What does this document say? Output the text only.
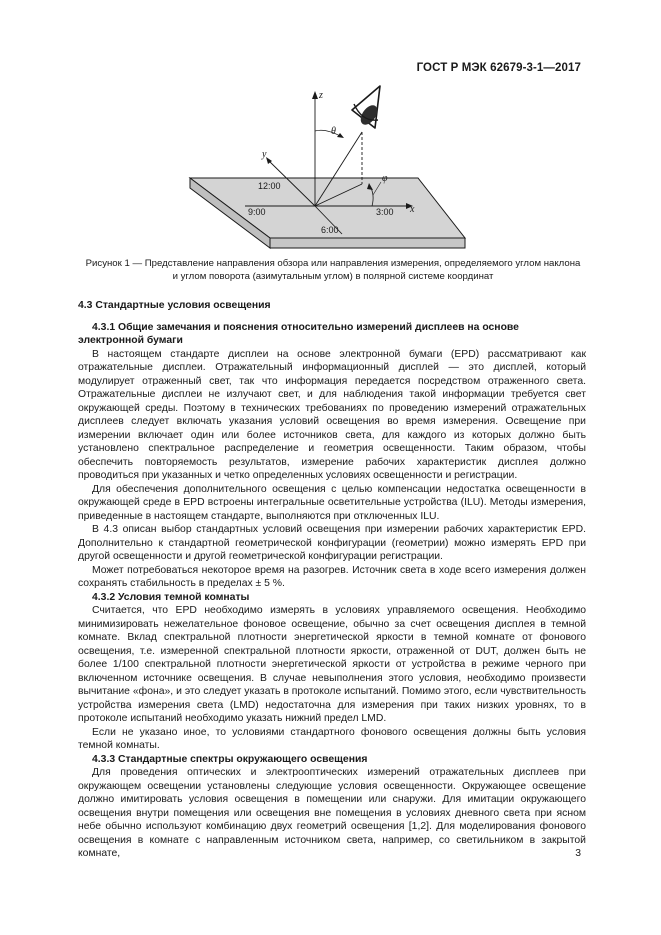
ГОСТ Р МЭК 62679-3-1—2017
z
y
x
θ
φ
12:00
9:00	3:00
6:00
Рисунок 1 — Представление направления обзора или направления измерения, определяемого углом наклона
и углом поворота (азимутальным углом) в полярной системе координат
4.3 Стандартные условия освещения
4.3.1 Общие замечания и пояснения относительно измерений дисплеев на основе электронной бумаги

В настоящем стандарте дисплеи на основе электронной бумаги (EPD) рассматривают как отражательные дисплеи. Отражательный информационный дисплей — это дисплей, который модулирует отраженный свет, так что информация передается посредством отраженного света. Отражательные дисплеи не излучают свет, и для наблюдения такой информации требуется свет окружающей среды. Поэтому в технических требованиях по проведению измерений отражательных дисплеев следует включать указания условий освещения во время измерения. Освещение при измерении включает один или более источников света, для каждого из которых должно быть установлено спектральное распределение и геометрия освещенности. Таким образом, чтобы обеспечить повторяемость результатов, измерение рабочих характеристик дисплея должно проводиться при указанных и четко определенных условиях освещенности и регистрации.

Для обеспечения дополнительного освещения с целью компенсации недостатка освещенности в окружающей среде в EPD встроены интегральные осветительные устройства (ILU). Методы измерения, приведенные в настоящем стандарте, выполняются при отключенных ILU.

В 4.3 описан выбор стандартных условий освещения при измерении рабочих характеристик EPD. Дополнительно к стандартной геометрической конфигурации (геометрии) можно измерять EPD при другой освещенности и другой геометрической конфигурации регистрации.

Может потребоваться некоторое время на разогрев. Источник света в ходе всего измерения должен сохранять стабильность в пределах ± 5 %.

4.3.2 Условия темной комнаты

Считается, что EPD необходимо измерять в условиях управляемого освещения. Необходимо минимизировать нежелательное фоновое освещение, обычно за счет освещения дисплея в темной комнате. Вклад спектральной плотности энергетической яркости в темной комнате от фонового освещения, т.е. измеренной спектральной плотности яркости, отраженной от DUT, должен быть не более 1/100 спектральной плотности энергетической яркости от устройства в режиме черного при включенном источнике освещения. В случае невыполнения этого условия, необходимо произвести вычитание «фона», и это следует указать в протоколе испытаний. Помимо этого, если чувствительность устройства измерения света (LMD) недостаточна для измерения при таких низких уровнях, то в протоколе испытаний необходимо указать нижний предел LMD.

Если не указано иное, то условиями стандартного фонового освещения должны быть условия темной комнаты.

4.3.3 Стандартные спектры окружающего освещения

Для проведения оптических и электрооптических измерений отражательных дисплеев при окружающем освещении установлены следующие условия освещенности. Окружающее освещение должно имитировать условия освещения в помещении или снаружи. Для имитации окружающего освещения внутри помещения или освещения вне помещения в условиях дневного света при ясном небе обычно используют комбинацию двух геометрий освещения [1,2]. Для моделирования фонового освещения в комнате с направленным источником света, например, со светильником в закрытой комнате,	3
